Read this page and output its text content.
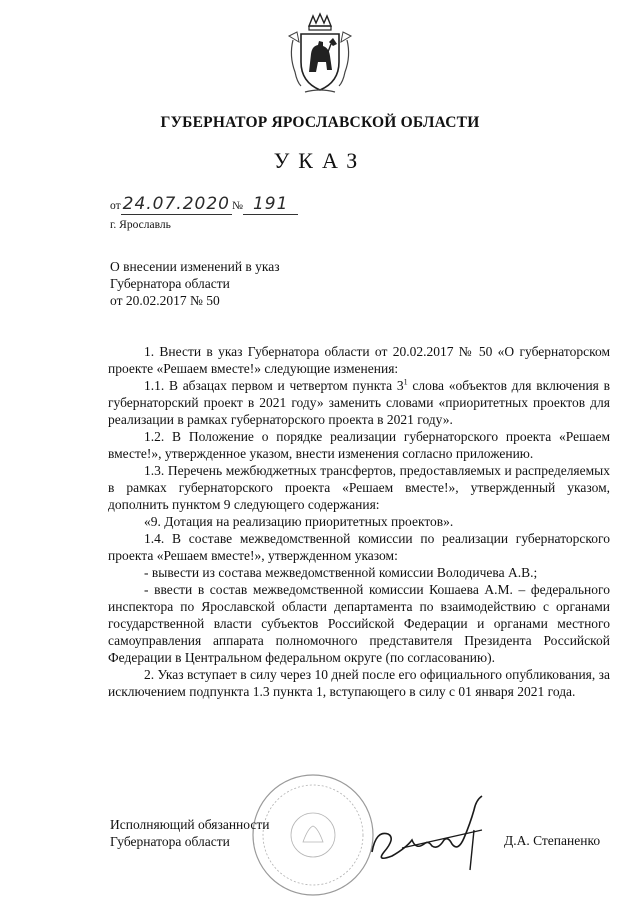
ГУБЕРНАТОР ЯРОСЛАВСКОЙ ОБЛАСТИ
УКАЗ
от 24.07.2020 № 191
г. Ярославль
О внесении изменений в указ
Губернатора области
от 20.02.2017 № 50

1. Внести в указ Губернатора области от 20.02.2017 № 50 «О губернаторском проекте «Решаем вместе!» следующие изменения:

1.1. В абзацах первом и четвертом пункта $3^1$ слова «объектов для включения в губернаторский проект в 2021 году» заменить словами «приоритетных проектов для реализации в рамках губернаторского проекта в 2021 году».

1.2. В Положение о порядке реализации губернаторского проекта «Решаем вместе!», утвержденное указом, внести изменения согласно приложению.

1.3. Перечень межбюджетных трансфертов, предоставляемых и распределяемых в рамках губернаторского проекта «Решаем вместе!», утвержденный указом, дополнить пунктом 9 следующего содержания:

«9. Дотация на реализацию приоритетных проектов».

1.4. В составе межведомственной комиссии по реализации губернаторского проекта «Решаем вместе!», утвержденном указом:

- вывести из состава межведомственной комиссии Володичева А.В.;

- ввести в состав межведомственной комиссии Кошаева А.М. – федерального инспектора по Ярославской области департамента по взаимодействию с органами государственной власти субъектов Российской Федерации и органами местного самоуправления аппарата полномочного представителя Президента Российской Федерации в Центральном федеральном округе (по согласованию).

2. Указ вступает в силу через 10 дней после его официального опубликования, за исключением подпункта 1.3 пункта 1, вступающего в силу с 01 января 2021 года.

Исполняющий обязанности
Губернатора области	Д.А. Степаненко
